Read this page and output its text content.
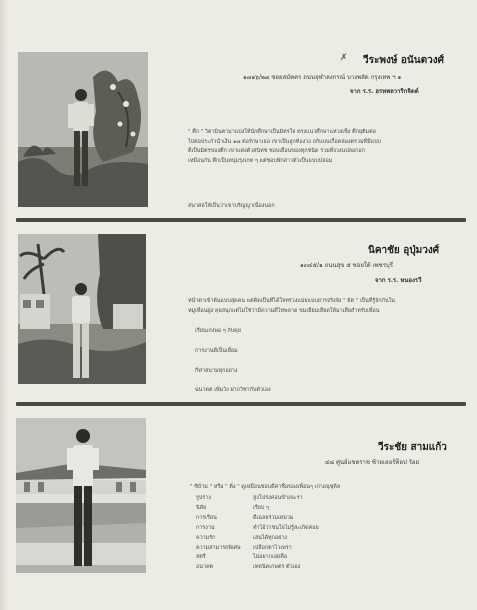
✗ วีระพงษ์ อนันตวงศ์
๑๗๑๖/๒๗ ซอยสมัคคร ถนนจุฬาลงกรณ์ บางพลัด กรุงเทพ ฯ ๑
จาก ร.ร. ฮรหพลวาริกจิตต์
" ตึก " วิตามินตามาแบ่งให้นักศึกษาเป็นมิตรใจ ตรงแนวศึกษาแหวงเซ็ง ตึกยุติมต่อ
ไปต่อประกัวน้ำเง็น ๑๗ ต่อรักษาเธอ เขาเป็นลูกท้องวง ถกิแบบเกื้อคล่องตรวมที่มีแบบ
ดีเป็นมิตรของตึก เขาแต่งตัวสนิทช ชอบเยือนของทุกชนิด รวมทั้งวงนปลอกอก
เหมือนกัน ตึกเป็นหนุ่มรุงเกท ๆ แต่ชอบพักสาวตัวเป็นแบบปลอม
สนาศลให้เป็นว่าเขาบริญญาเนื่องนอก
นิคาชัย อุปุ่มวงศ์
๑๓๔๕/๑ ถนนสุข ๕ ซอยใต้ เพชรบุรี
จาก ร.ร. หนองรวี
หน้าตาเข้าต้นแบบสุดคน แต่คิดเป็นที่ได้ใจทรวงแม่ยแบบยารจริงจัง " ยัต " เป็นที่รู้จักกันใน
หมู่เพื่อนฝูง คุยสนุกแต่ไม่ใช่ว่ามีความดีไทพลาด ชมเยี่ยมเสียดให้มาเสียสำหรับเพื่อน
เรียนเก่งพอ ๆ กับคุย
การงานดีเป็นเยี่ยม
กีฬาสนามทุกอย่าง
ฉนาคต เพิ่มวัง ฝากวิชากับตัวเอง
วีระชัย สามแก้ว
๔๘ ศูนย์แชตราช ซ้ายเลอร์ท็อป ร้อย
" ซิบ้าม " หรือ " ติ่ง " ดูเหมือนชอบดีค่าชื่อของเพื่อนๆ เก่าอนุชุคิล
รูปร่าง	สูงโปร่งค่อนข้างจะรา
นิสัย	เรียบ ๆ
การเรียน	ดีเฉลยร่วมเหมวม
การงาน	ทำไอ้ว่าชนใจไม่รู้สะเกิดค่อย
ความรัก	เล่นได้ทุกอย่าง
ความสามารถพิเศษ	เปลือกตาไวเพรา
สตรี	ไม่อยากเอ่ยคือ
อนาคต	เทคนิคเกษตร ตัวเอง
